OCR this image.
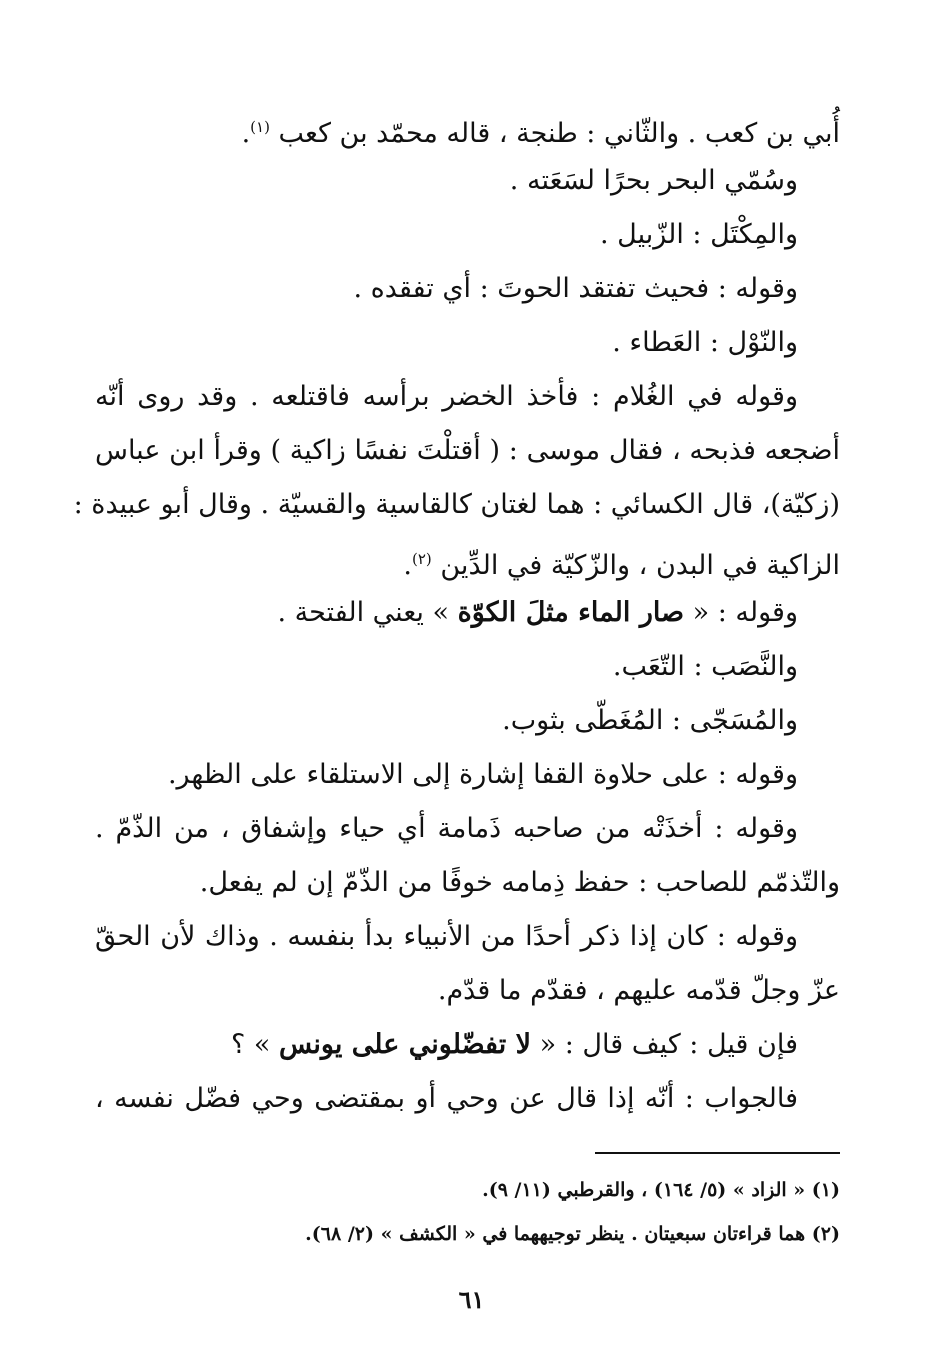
أُبي بن كعب . والثّاني : طنجة ، قاله محمّد بن كعب $^{(١)}$.
وسُمّي البحر بحرًا لسَعَته .
والمِكْتَل : الزّبيل .
وقوله : فحيث تفتقد الحوتَ : أي تفقده .
والنّوْل : العَطاء .
وقوله في الغُلام : فأخذ الخضر برأسه فاقتلعه . وقد روى أنّه
أضجعه فذبحه ، فقال موسى : ( أقتلْتَ نفسًا زاكية ) وقرأ ابن عباس
(زكيّة)، قال الكسائي : هما لغتان كالقاسية والقسيّة . وقال أبو عبيدة :
الزاكية في البدن ، والزّكيّة في الدِّين $^{(٢)}$.
وقوله : « صار الماء مثلَ الكوّة » يعني الفتحة .
والنَّصَب : التّعَب.
والمُسَجّى : المُغَطّى بثوب.
وقوله : على حلاوة القفا إشارة إلى الاستلقاء على الظهر.
وقوله : أخذَتْه من صاحبه ذَمامة أي حياء وإشفاق ، من الذّمّ .
والتّذمّم للصاحب : حفظ ذِمامه خوفًا من الذّمّ إن لم يفعل.
وقوله : كان إذا ذكر أحدًا من الأنبياء بدأ بنفسه . وذاك لأن الحقّ
عزّ وجلّ قدّمه عليهم ، فقدّم ما قدّم.
فإن قيل : كيف قال : « لا تفضّلوني على يونس » ؟
فالجواب : أنّه إذا قال عن وحي أو بمقتضى وحي فضّل نفسه ،
(١) « الزاد » (٥/ ١٦٤) ، والقرطبي (١١/ ٩).
(٢) هما قراءتان سبعيتان . ينظر توجيههما في « الكشف » (٢/ ٦٨).
٦١
